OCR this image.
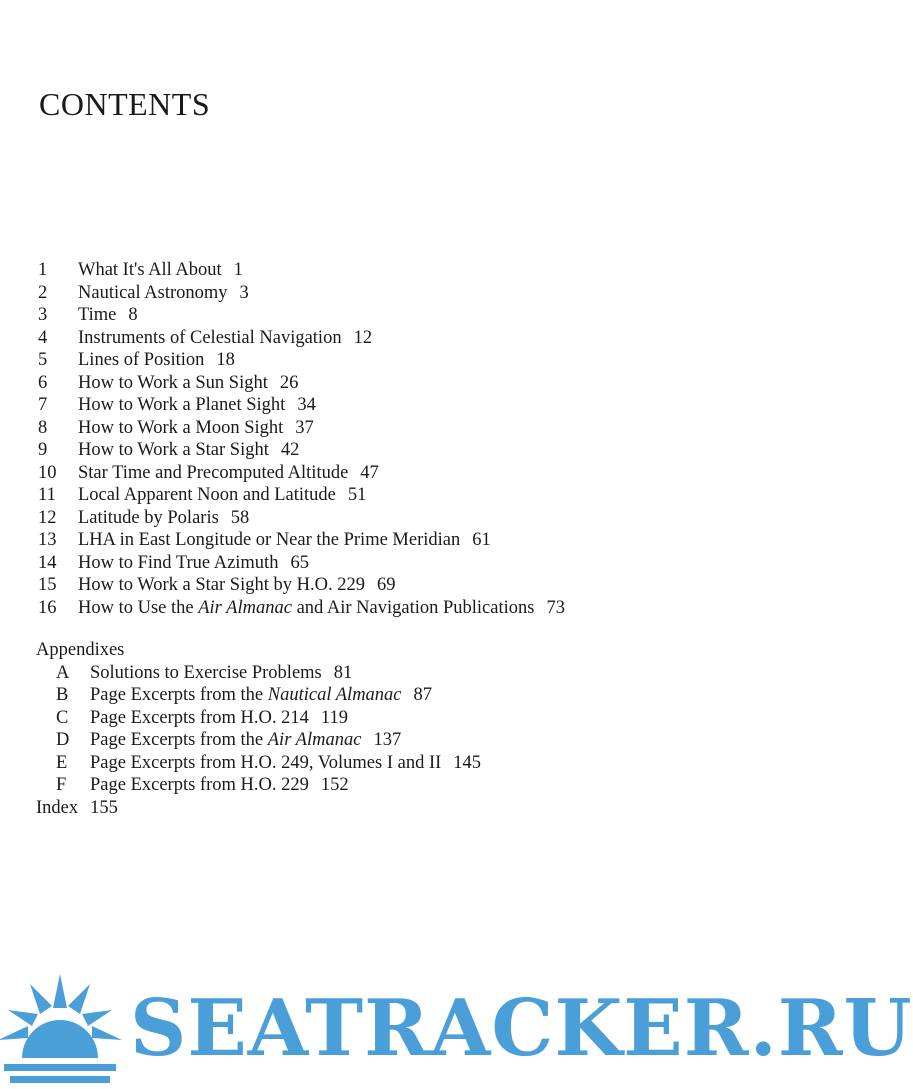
CONTENTS
1 What It's All About 1
2 Nautical Astronomy 3
3 Time 8
4 Instruments of Celestial Navigation 12
5 Lines of Position 18
6 How to Work a Sun Sight 26
7 How to Work a Planet Sight 34
8 How to Work a Moon Sight 37
9 How to Work a Star Sight 42
10 Star Time and Precomputed Altitude 47
11 Local Apparent Noon and Latitude 51
12 Latitude by Polaris 58
13 LHA in East Longitude or Near the Prime Meridian 61
14 How to Find True Azimuth 65
15 How to Work a Star Sight by H.O. 229 69
16 How to Use the Air Almanac and Air Navigation Publications 73
Appendixes
A Solutions to Exercise Problems 81
B Page Excerpts from the Nautical Almanac 87
C Page Excerpts from H.O. 214 119
D Page Excerpts from the Air Almanac 137
E Page Excerpts from H.O. 249, Volumes I and II 145
F Page Excerpts from H.O. 229 152
Index 155
SEATRACKER.RU
